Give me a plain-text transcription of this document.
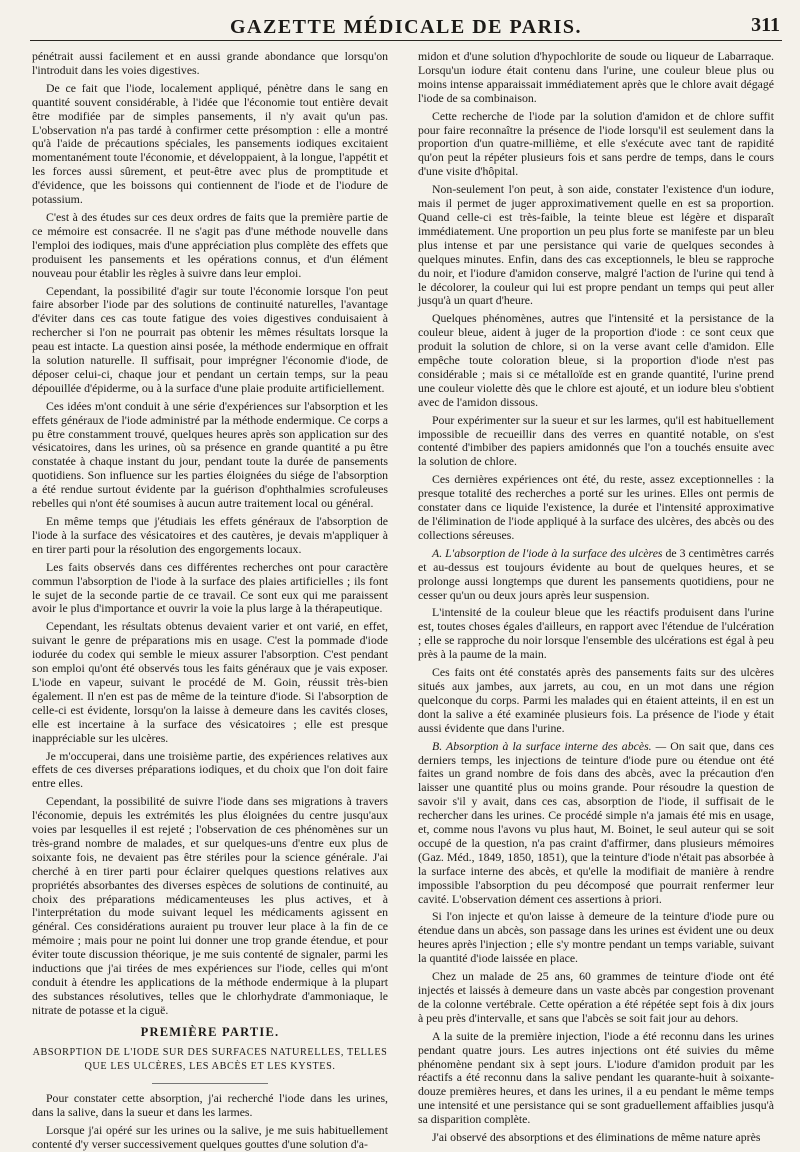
GAZETTE MÉDICALE DE PARIS.	311

pénétrait aussi facilement et en aussi grande abondance que lorsqu'on l'introduit dans les voies digestives.

De ce fait que l'iode, localement appliqué, pénètre dans le sang en quantité souvent considérable, à l'idée que l'économie tout entière devait être modifiée par de simples pansements, il n'y avait qu'un pas. L'observation n'a pas tardé à confirmer cette présomption : elle a montré qu'à l'aide de précautions spéciales, les pansements iodiques excitaient momentanément toute l'économie, et développaient, à la longue, l'appétit et les forces aussi sûrement, et peut-être avec plus de promptitude et d'évidence, que les boissons qui contiennent de l'iode et de l'iodure de potassium.

C'est à des études sur ces deux ordres de faits que la première partie de ce mémoire est consacrée. Il ne s'agit pas d'une méthode nouvelle dans l'emploi des iodiques, mais d'une appréciation plus complète des effets que produisent les pansements et les opérations connus, et d'un élément nouveau pour établir les règles à suivre dans leur emploi.

Cependant, la possibilité d'agir sur toute l'économie lorsque l'on peut faire absorber l'iode par des solutions de continuité naturelles, l'avantage d'éviter dans ces cas toute fatigue des voies digestives conduisaient à rechercher si l'on ne pourrait pas obtenir les mêmes résultats lorsque la peau est intacte. La question ainsi posée, la méthode endermique en offrait la solution naturelle. Il suffisait, pour imprégner l'économie d'iode, de déposer celui-ci, chaque jour et pendant un certain temps, sur la peau dépouillée d'épiderme, ou à la surface d'une plaie produite artificiellement.

Ces idées m'ont conduit à une série d'expériences sur l'absorption et les effets généraux de l'iode administré par la méthode endermique. Ce corps a pu être constamment trouvé, quelques heures après son application sur des vésicatoires, dans les urines, où sa présence en grande quantité a pu être constatée à chaque instant du jour, pendant toute la durée de pansements quotidiens. Son influence sur les parties éloignées du siége de l'absorption a été rendue surtout évidente par la guérison d'ophthalmies scrofuleuses rebelles qui n'ont été soumises à aucun autre traitement local ou général.

En même temps que j'étudiais les effets généraux de l'absorption de l'iode à la surface des vésicatoires et des cautères, je devais m'appliquer à en tirer parti pour la résolution des engorgements locaux.

Les faits observés dans ces différentes recherches ont pour caractère commun l'absorption de l'iode à la surface des plaies artificielles ; ils font le sujet de la seconde partie de ce travail. Ce sont eux qui me paraissent avoir le plus d'importance et ouvrir la voie la plus large à la thérapeutique.

Cependant, les résultats obtenus devaient varier et ont varié, en effet, suivant le genre de préparations mis en usage. C'est la pommade d'iode iodurée du codex qui semble le mieux assurer l'absorption. C'est pendant son emploi qu'ont été observés tous les faits généraux que je vais exposer. L'iode en vapeur, suivant le procédé de M. Goin, réussit très-bien également. Il n'en est pas de même de la teinture d'iode. Si l'absorption de celle-ci est évidente, lorsqu'on la laisse à demeure dans les cavités closes, elle est incertaine à la surface des vésicatoires ; elle est presque inappréciable sur les ulcères.

Je m'occuperai, dans une troisième partie, des expériences relatives aux effets de ces diverses préparations iodiques, et du choix que l'on doit faire entre elles.

Cependant, la possibilité de suivre l'iode dans ses migrations à travers l'économie, depuis les extrémités les plus éloignées du centre jusqu'aux voies par lesquelles il est rejeté ; l'observation de ces phénomènes sur un très-grand nombre de malades, et sur quelques-uns d'entre eux plus de soixante fois, ne devaient pas être stériles pour la science générale. J'ai cherché à en tirer parti pour éclairer quelques questions relatives aux propriétés absorbantes des diverses espèces de solutions de continuité, au choix des préparations médicamenteuses les plus actives, et à l'interprétation du mode suivant lequel les médicaments agissent en général. Ces considérations auraient pu trouver leur place à la fin de ce mémoire ; mais pour ne point lui donner une trop grande étendue, et pour éviter toute discussion théorique, je me suis contenté de signaler, parmi les inductions que j'ai tirées de mes expériences sur l'iode, celles qui m'ont conduit à étendre les applications de la méthode endermique à la plupart des substances résolutives, telles que le chlorhydrate d'ammoniaque, le nitrate de potasse et la ciguë.

PREMIÈRE PARTIE.
ABSORPTION DE L'IODE SUR DES SURFACES NATURELLES, TELLES QUE LES ULCÈRES, LES ABCÈS ET LES KYSTES.

Pour constater cette absorption, j'ai recherché l'iode dans les urines, dans la salive, dans la sueur et dans les larmes.

Lorsque j'ai opéré sur les urines ou la salive, je me suis habituellement contenté d'y verser successivement quelques gouttes d'une solution d'a-

midon et d'une solution d'hypochlorite de soude ou liqueur de Labarraque. Lorsqu'un iodure était contenu dans l'urine, une couleur bleue plus ou moins intense apparaissait immédiatement après que le chlore avait dégagé l'iode de sa combinaison.

Cette recherche de l'iode par la solution d'amidon et de chlore suffit pour faire reconnaître la présence de l'iode lorsqu'il est seulement dans la proportion d'un quatre-millième, et elle s'exécute avec tant de rapidité qu'on peut la répéter plusieurs fois et sans perdre de temps, dans le cours d'une visite d'hôpital.

Non-seulement l'on peut, à son aide, constater l'existence d'un iodure, mais il permet de juger approximativement quelle en est sa proportion. Quand celle-ci est très-faible, la teinte bleue est légère et disparaît immédiatement. Une proportion un peu plus forte se manifeste par un bleu plus intense et par une persistance qui varie de quelques secondes à quelques minutes. Enfin, dans des cas exceptionnels, le bleu se rapproche du noir, et l'iodure d'amidon conserve, malgré l'action de l'urine qui tend à le décolorer, la couleur qui lui est propre pendant un temps qui peut aller jusqu'à un quart d'heure.

Quelques phénomènes, autres que l'intensité et la persistance de la couleur bleue, aident à juger de la proportion d'iode : ce sont ceux que produit la solution de chlore, si on la verse avant celle d'amidon. Elle empêche toute coloration bleue, si la proportion d'iode n'est pas considérable ; mais si ce métalloïde est en grande quantité, l'urine prend une couleur violette dès que le chlore est ajouté, et un iodure bleu s'obtient avec de l'amidon dissous.

Pour expérimenter sur la sueur et sur les larmes, qu'il est habituellement impossible de recueillir dans des verres en quantité notable, on s'est contenté d'imbiber des papiers amidonnés que l'on a touchés ensuite avec la solution de chlore.

Ces dernières expériences ont été, du reste, assez exceptionnelles : la presque totalité des recherches a porté sur les urines. Elles ont permis de constater dans ce liquide l'existence, la durée et l'intensité approximative de l'élimination de l'iode appliqué à la surface des ulcères, des abcès ou des collections séreuses.

A. L'absorption de l'iode à la surface des ulcères de 3 centimètres carrés et au-dessus est toujours évidente au bout de quelques heures, et se prolonge aussi longtemps que durent les pansements quotidiens, pour ne cesser qu'un ou deux jours après leur suspension.

L'intensité de la couleur bleue que les réactifs produisent dans l'urine est, toutes choses égales d'ailleurs, en rapport avec l'étendue de l'ulcération ; elle se rapproche du noir lorsque l'ensemble des ulcérations est égal à peu près à la paume de la main.

Ces faits ont été constatés après des pansements faits sur des ulcères situés aux jambes, aux jarrets, au cou, en un mot dans une région quelconque du corps. Parmi les malades qui en étaient atteints, il en est un dont la salive a été examinée plusieurs fois. La présence de l'iode y était aussi évidente que dans l'urine.

B. Absorption à la surface interne des abcès. — On sait que, dans ces derniers temps, les injections de teinture d'iode pure ou étendue ont été faites un grand nombre de fois dans des abcès, avec la précaution d'en laisser une quantité plus ou moins grande. Pour résoudre la question de savoir s'il y avait, dans ces cas, absorption de l'iode, il suffisait de le rechercher dans les urines. Ce procédé simple n'a jamais été mis en usage, et, comme nous l'avons vu plus haut, M. Boinet, le seul auteur qui se soit occupé de la question, n'a pas craint d'affirmer, dans plusieurs mémoires (Gaz. Méd., 1849, 1850, 1851), que la teinture d'iode n'était pas absorbée à la surface interne des abcès, et qu'elle la modifiait de manière à rendre impossible l'absorption du peu décomposé que pourrait renfermer leur cavité. L'observation dément ces assertions à priori.

Si l'on injecte et qu'on laisse à demeure de la teinture d'iode pure ou étendue dans un abcès, son passage dans les urines est évident une ou deux heures après l'injection ; elle s'y montre pendant un temps variable, suivant la quantité d'iode laissée en place.

Chez un malade de 25 ans, 60 grammes de teinture d'iode ont été injectés et laissés à demeure dans un vaste abcès par congestion provenant de la colonne vertébrale. Cette opération a été répétée sept fois à dix jours à peu près d'intervalle, et sans que l'abcès se soit fait jour au dehors.

A la suite de la première injection, l'iode a été reconnu dans les urines pendant quatre jours. Les autres injections ont été suivies du même phénomène pendant six à sept jours. L'iodure d'amidon produit par les réactifs a été reconnu dans la salive pendant les quarante-huit à soixante-douze premières heures, et dans les urines, il a eu pendant le même temps une intensité et une persistance qui se sont graduellement affaiblies jusqu'à sa disparition complète.

J'ai observé des absorptions et des éliminations de même nature après
